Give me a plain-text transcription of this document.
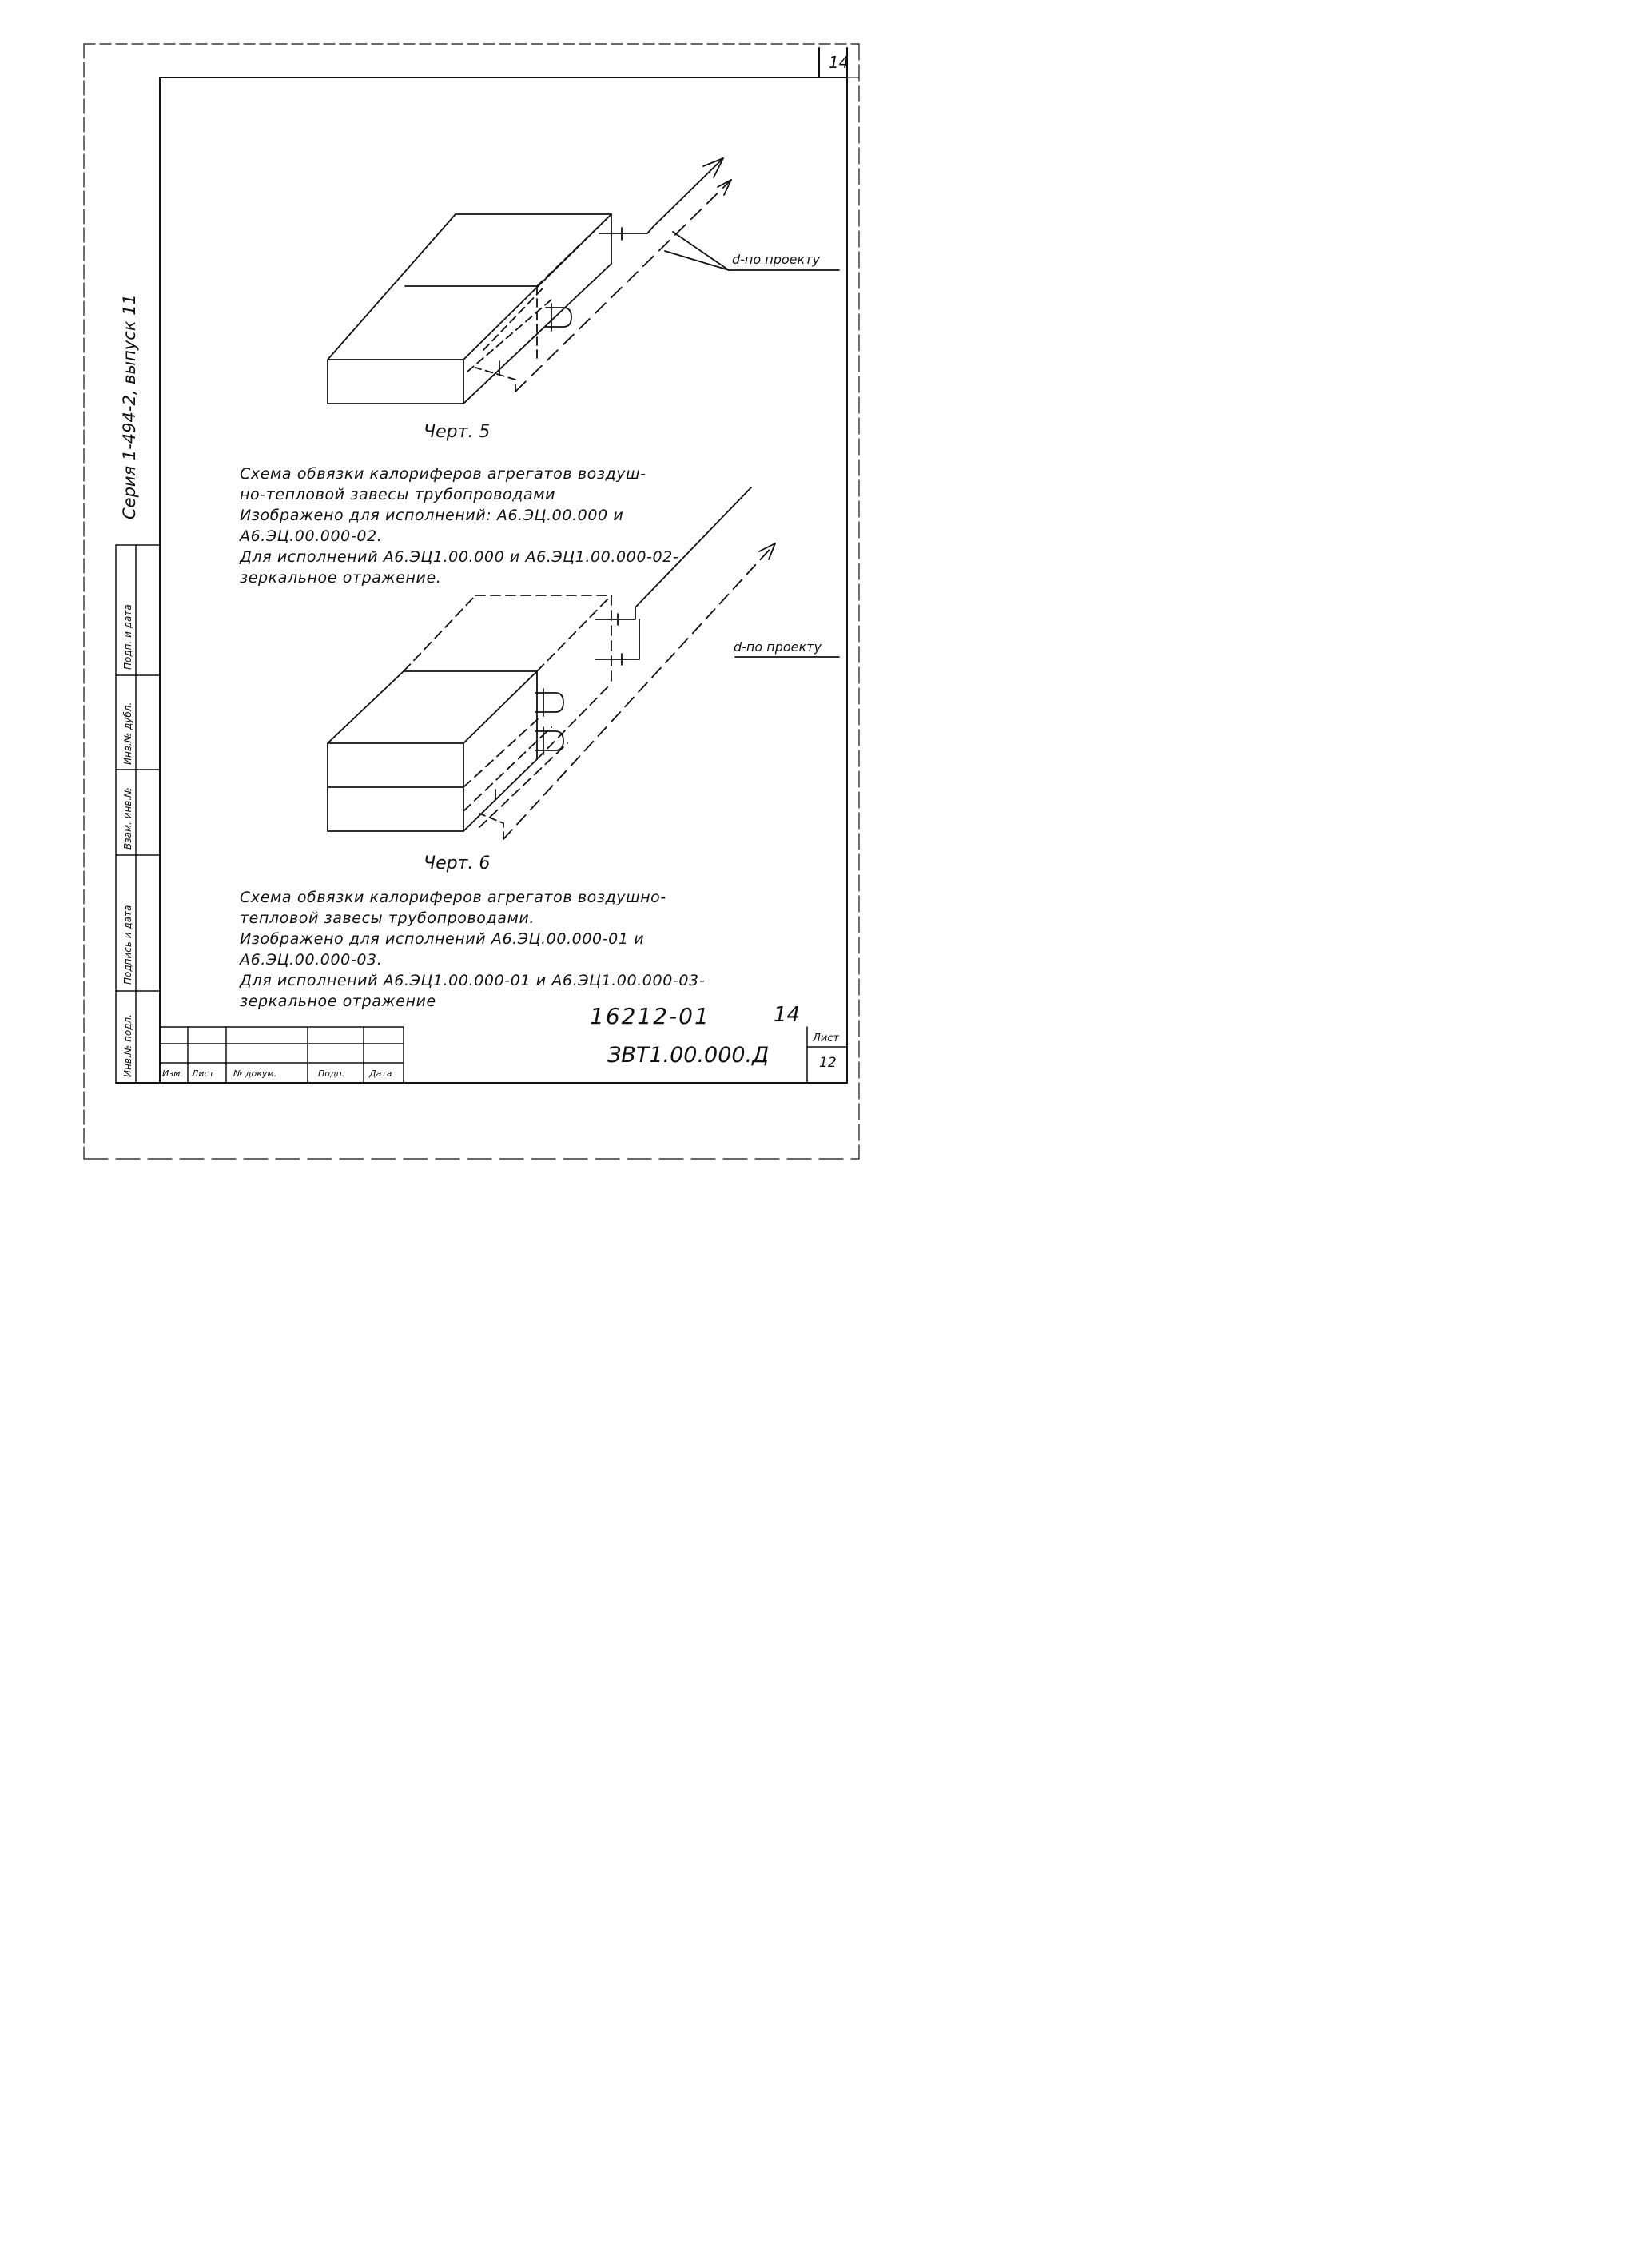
14
Серия 1-494-2, выпуск 11
Инв.№ подл.
Подпись и дата
Взам. инв.№
Инв.№ дубл.
Подп. и дата
d-по проекту
Черт. 5
Схема обвязки калориферов агрегатов воздуш-
но-тепловой завесы трубопроводами
Изображено для исполнений: А6.ЭЦ.00.000 и
А6.ЭЦ.00.000-02.
Для исполнений А6.ЭЦ1.00.000 и А6.ЭЦ1.00.000-02-
зеркальное отражение.
d-по проекту
Черт. 6
Схема обвязки калориферов агрегатов воздушно-
тепловой завесы трубопроводами.
Изображено для исполнений А6.ЭЦ.00.000-01 и
А6.ЭЦ.00.000-03.
Для исполнений А6.ЭЦ1.00.000-01 и А6.ЭЦ1.00.000-03-
зеркальное отражение
16212-01	14
Изм. Лист № докум.	Подп.	Дата
ЗВТ1.00.000.Д
Лист
12
